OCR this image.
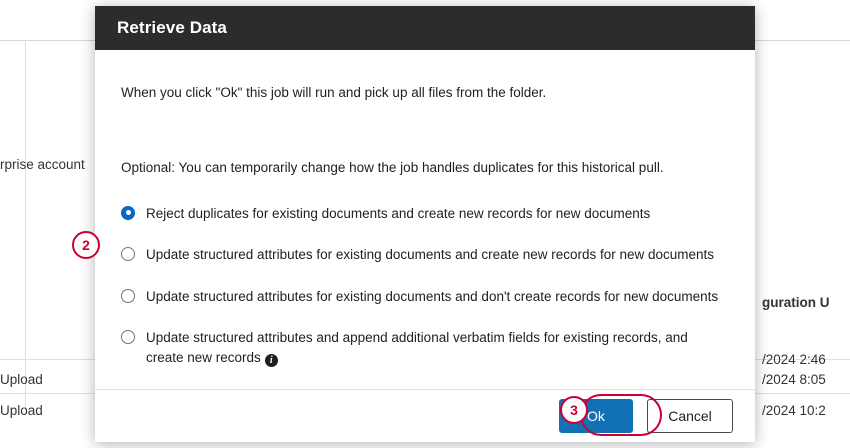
rprise account
guration U
Upload
/2024 2:46
/2024 8:05
Upload	/2024 10:2
Retrieve Data

When you click "Ok" this job will run and pick up all files from the folder.

Optional: You can temporarily change how the job handles duplicates for this historical pull.

Reject duplicates for existing documents and create new records for new documents
Update structured attributes for existing documents and create new records for new documents
Update structured attributes for existing documents and don't create records for new documents
Update structured attributes and append additional verbatim fields for existing records, and create new records i
Ok	Cancel
2
3
